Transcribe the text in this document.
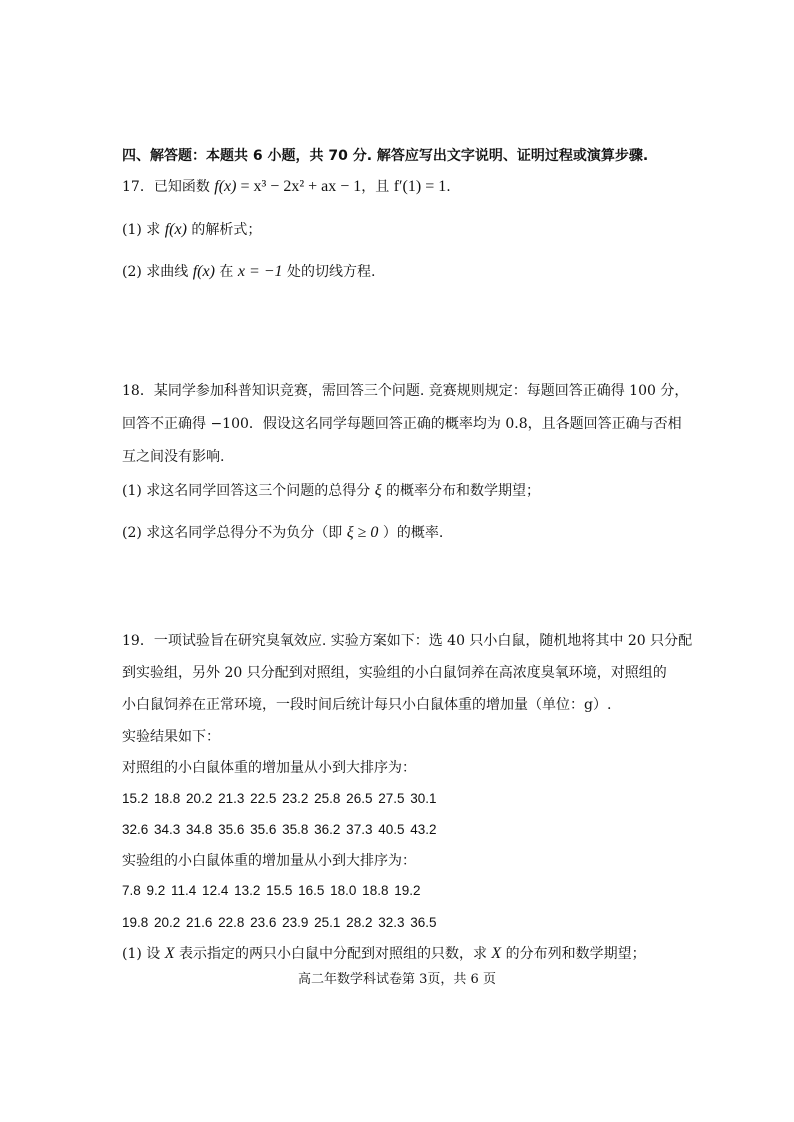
四、解答题：本题共 6 小题，共 70 分. 解答应写出文字说明、证明过程或演算步骤.
17．已知函数 f(x) = x³ − 2x² + ax − 1，且 f′(1) = 1.
(1) 求 f(x) 的解析式；
(2) 求曲线 f(x) 在 x = −1 处的切线方程.
18．某同学参加科普知识竞赛，需回答三个问题. 竞赛规则规定：每题回答正确得 100 分，
回答不正确得 −100．假设这名同学每题回答正确的概率均为 0.8，且各题回答正确与否相
互之间没有影响.
(1) 求这名同学回答这三个问题的总得分 ξ 的概率分布和数学期望；
(2) 求这名同学总得分不为负分（即 ξ ≥ 0 ）的概率.
19．一项试验旨在研究臭氧效应. 实验方案如下：选 40 只小白鼠，随机地将其中 20 只分配
到实验组，另外 20 只分配到对照组，实验组的小白鼠饲养在高浓度臭氧环境，对照组的
小白鼠饲养在正常环境，一段时间后统计每只小白鼠体重的增加量（单位：g）.
实验结果如下：
对照组的小白鼠体重的增加量从小到大排序为：
15.2 18.8 20.2 21.3 22.5 23.2 25.8 26.5 27.5 30.1
32.6 34.3 34.8 35.6 35.6 35.8 36.2 37.3 40.5 43.2
实验组的小白鼠体重的增加量从小到大排序为：
7.8 9.2 11.4 12.4 13.2 15.5 16.5 18.0 18.8 19.2
19.8 20.2 21.6 22.8 23.6 23.9 25.1 28.2 32.3 36.5
(1) 设 X 表示指定的两只小白鼠中分配到对照组的只数，求 X 的分布列和数学期望；
高二年数学科试卷第 3页，共 6 页
